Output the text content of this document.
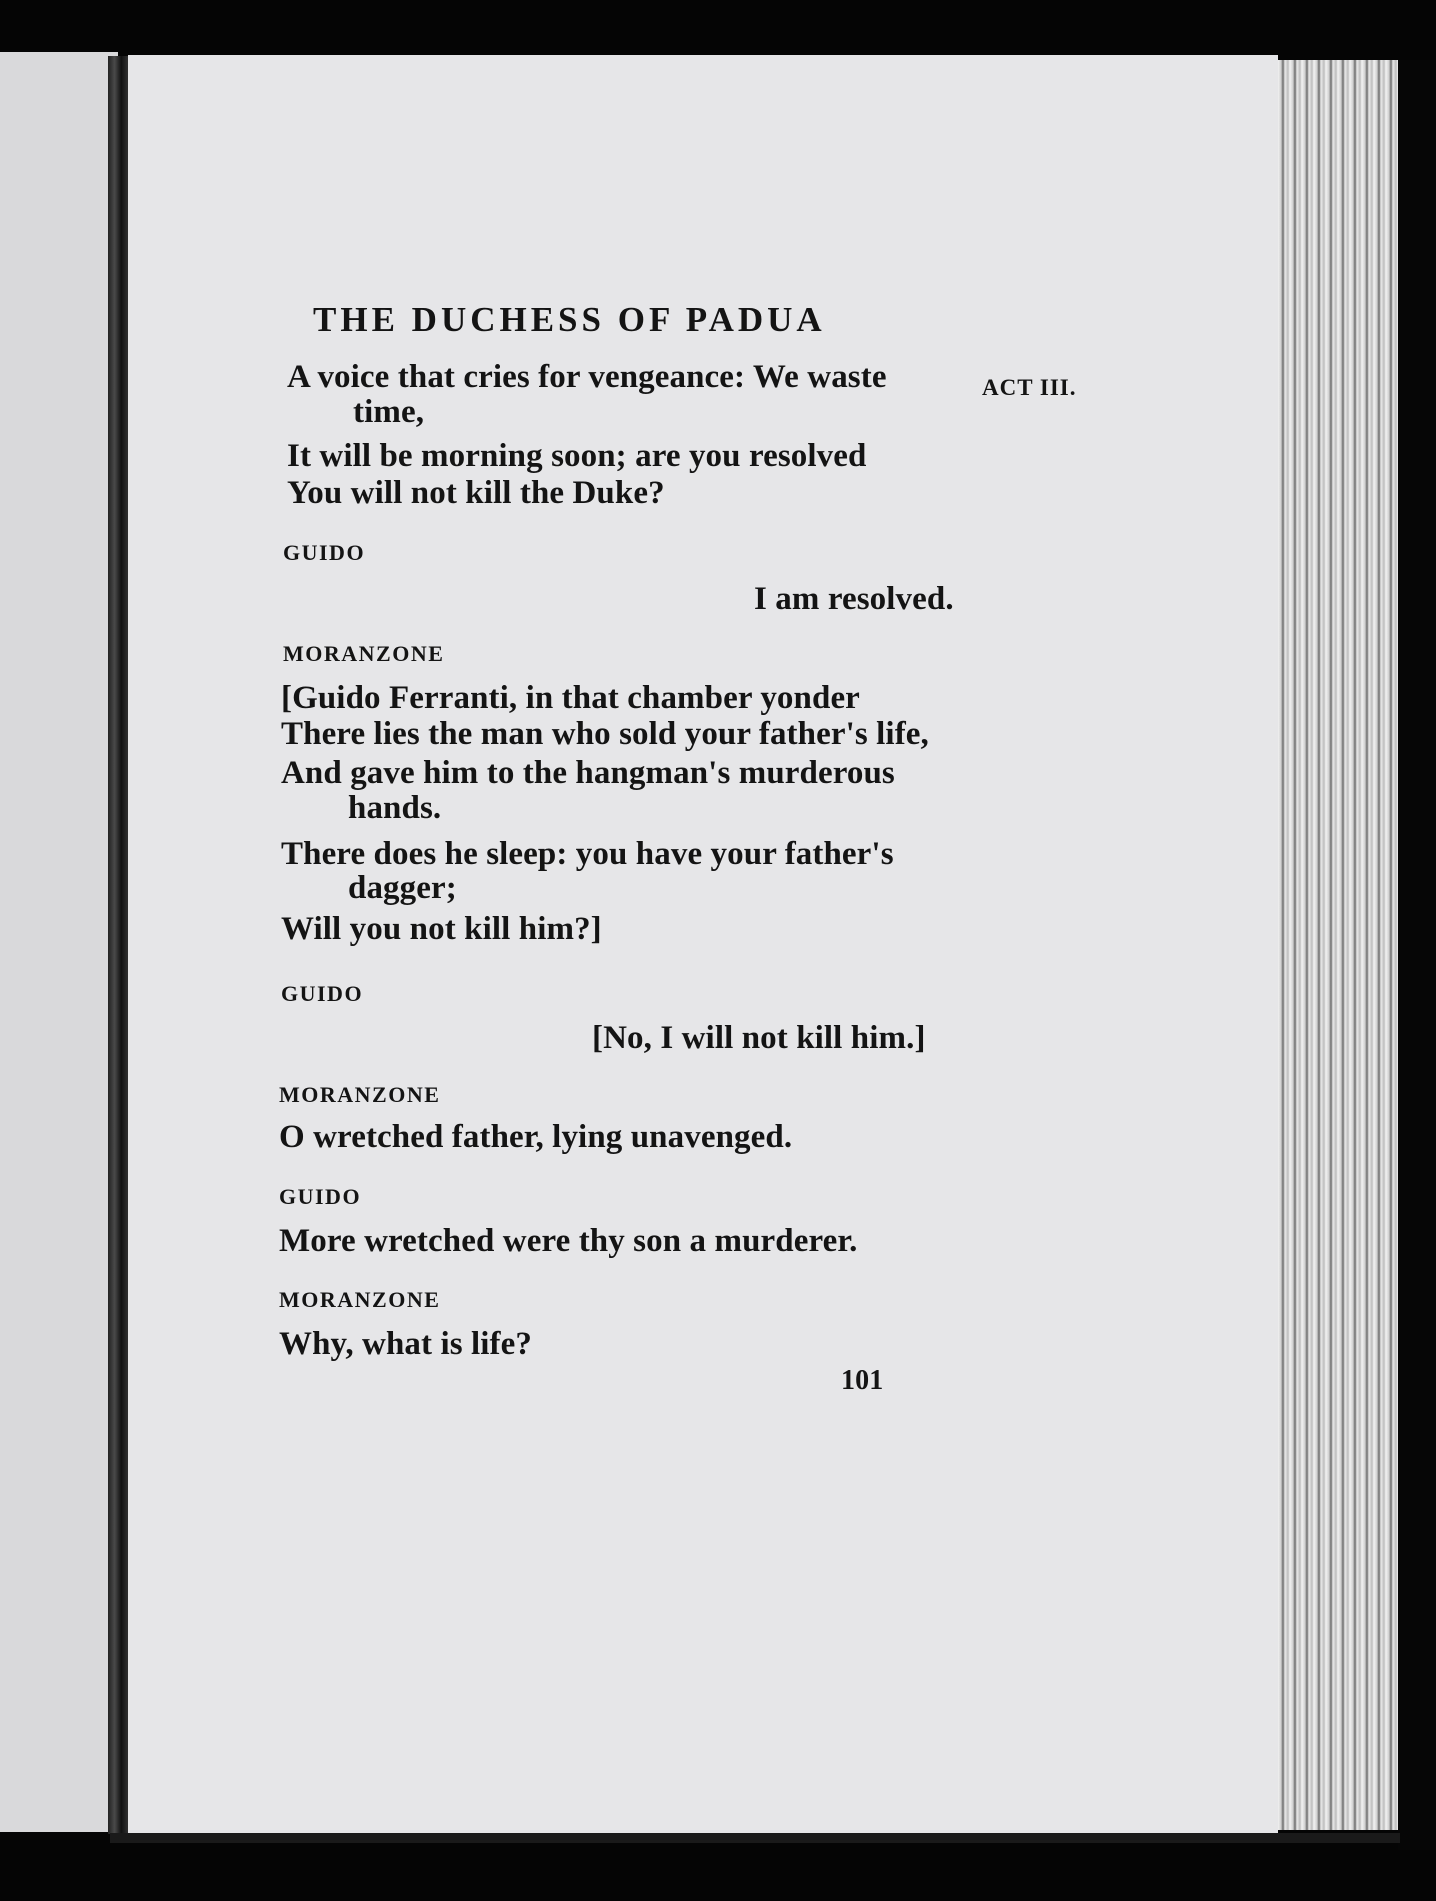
THE DUCHESS OF PADUA
ACT III.
A voice that cries for vengeance: We waste
time,
It will be morning soon; are you resolved
You will not kill the Duke?
GUIDO
I am resolved.
MORANZONE
[Guido Ferranti, in that chamber yonder
There lies the man who sold your father's life,
And gave him to the hangman's murderous
hands.
There does he sleep: you have your father's
dagger;
Will you not kill him?]
GUIDO
[No, I will not kill him.]
MORANZONE
O wretched father, lying unavenged.
GUIDO
More wretched were thy son a murderer.
MORANZONE
Why, what is life?
101
